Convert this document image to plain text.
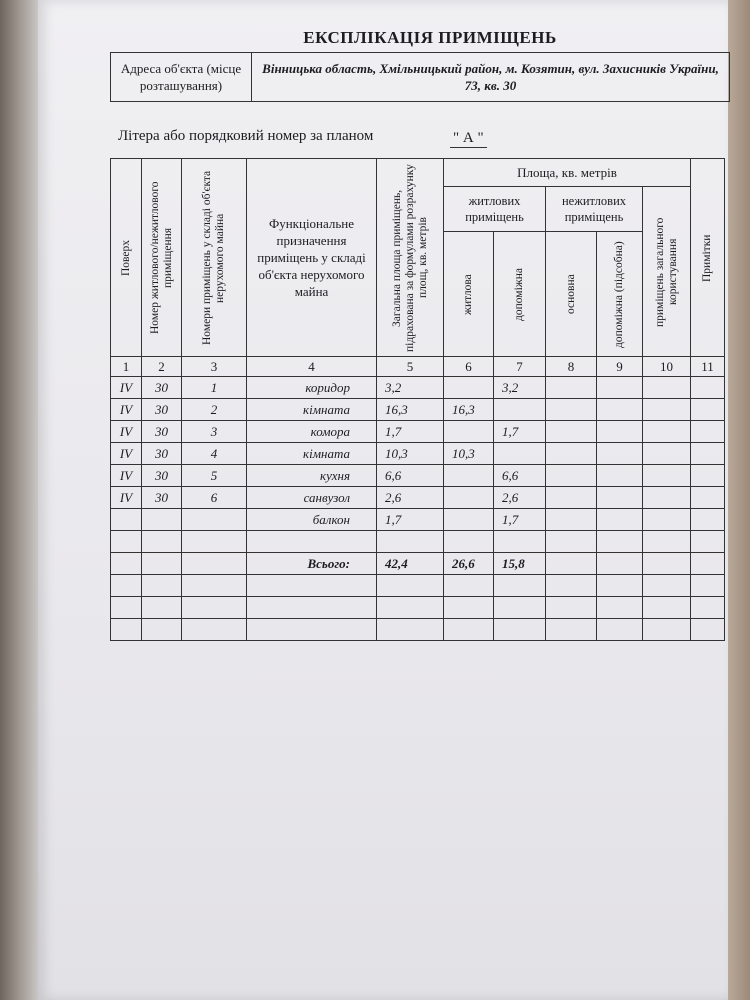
ЕКСПЛІКАЦІЯ ПРИМІЩЕНЬ
Адреса об'єкта (місце розташування)
Вінницька область, Хмільницький район, м. Козятин, вул. Захисників України, 73, кв. 30
Літера або порядковий номер за планом	" А "
Поверх	Номер житлового/нежитлового приміщення	Номери приміщень у складі об'єкта нерухомого майна	Функціональне призначення приміщень у складі об'єкта нерухомого майна	Загальна площа приміщень, підрахована за формулами розрахунку площ, кв. метрів	Площа, кв. метрів					Примітки

					житлових приміщень		нежитлових приміщень		приміщень загального користування	

					житлова	допоміжна	основна	допоміжна (підсобна)		

1	2	3	4	5	6	7	8	9	10	11
IV	30	1	коридор	3,2		3,2				
IV	30	2	кімната	16,3	16,3					
IV	30	3	комора	1,7		1,7				
IV	30	4	кімната	10,3	10,3					
IV	30	5	кухня	6,6		6,6				
IV	30	6	санвузол	2,6		2,6				
			балкон	1,7		1,7				

			Всього:	42,4	26,6	15,8				
